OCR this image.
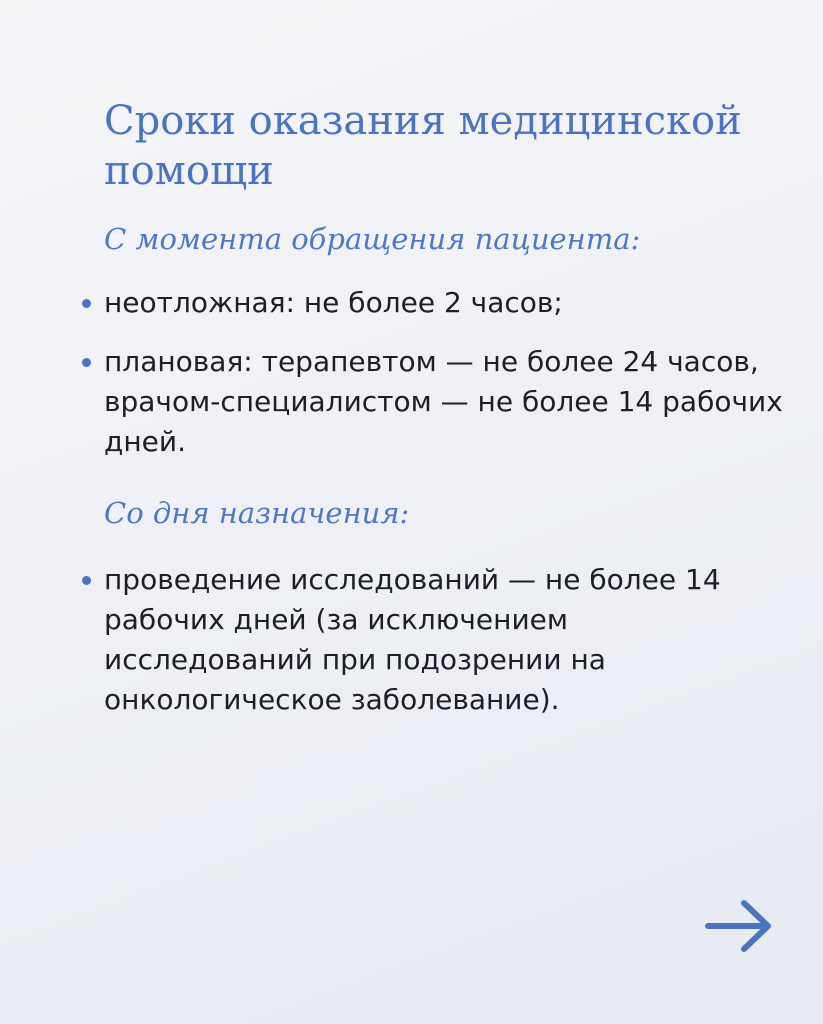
Сроки оказания медицинской помощи
С момента обращения пациента:
неотложная: не более 2 часов;
плановая: терапевтом — не более 24 часов, врачом-специалистом — не более 14 рабочих дней.
Со дня назначения:
проведение исследований — не более 14 рабочих дней (за исключением исследований при подозрении на онкологическое заболевание).
